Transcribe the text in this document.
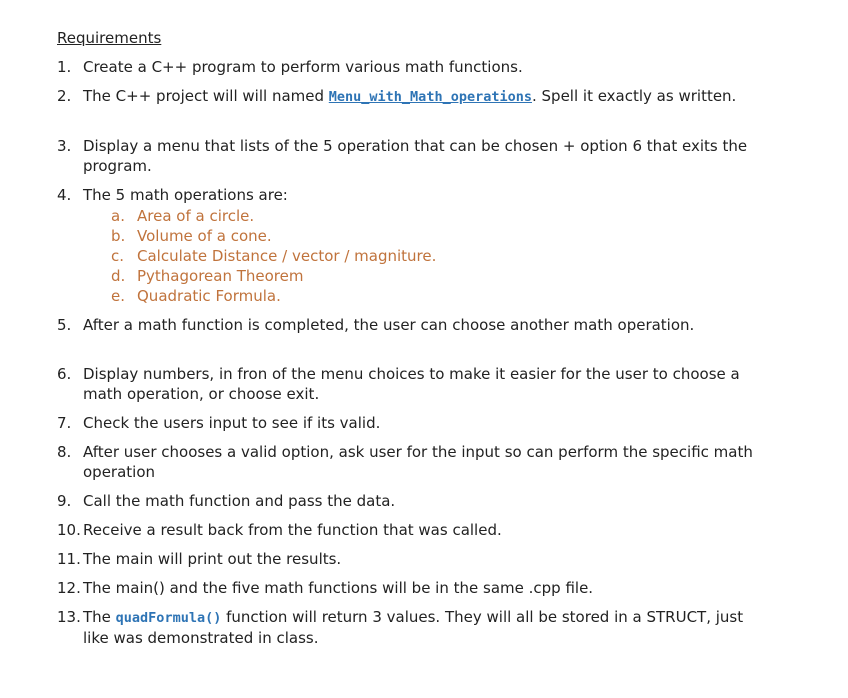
Requirements
1. Create a C++ program to perform various math functions.
2. The C++ project will will named Menu_with_Math_operations. Spell it exactly as written.
3. Display a menu that lists of the 5 operation that can be chosen + option 6 that exits the program.
4. The 5 math operations are:
a. Area of a circle.
b. Volume of a cone.
c. Calculate Distance / vector / magniture.
d. Pythagorean Theorem
e. Quadratic Formula.
5. After a math function is completed, the user can choose another math operation.
6. Display numbers, in fron of the menu choices to make it easier for the user to choose a math operation, or choose exit.
7. Check the users input to see if its valid.
8. After user chooses a valid option, ask user for the input so can perform the specific math operation
9. Call the math function and pass the data.
10. Receive a result back from the function that was called.
11. The main will print out the results.
12. The main() and the five math functions will be in the same .cpp file.
13. The quadFormula() function will return 3 values. They will all be stored in a STRUCT, just like was demonstrated in class.
